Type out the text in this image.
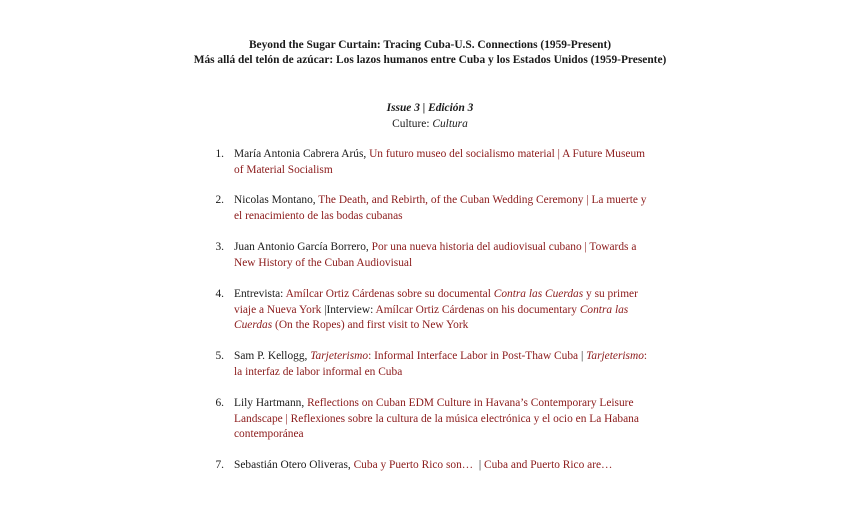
Beyond the Sugar Curtain: Tracing Cuba-U.S. Connections (1959-Present)
Más allá del telón de azúcar: Los lazos humanos entre Cuba y los Estados Unidos (1959-Presente)
Issue 3 | Edición 3
Culture: Cultura
1. María Antonia Cabrera Arús, Un futuro museo del socialismo material | A Future Museum of Material Socialism
2. Nicolas Montano, The Death, and Rebirth, of the Cuban Wedding Ceremony | La muerte y el renacimiento de las bodas cubanas
3. Juan Antonio García Borrero, Por una nueva historia del audiovisual cubano | Towards a New History of the Cuban Audiovisual
4. Entrevista: Amílcar Ortiz Cárdenas sobre su documental Contra las Cuerdas y su primer viaje a Nueva York |Interview: Amílcar Ortiz Cárdenas on his documentary Contra las Cuerdas (On the Ropes) and first visit to New York
5. Sam P. Kellogg, Tarjeterismo: Informal Interface Labor in Post-Thaw Cuba | Tarjeterismo: la interfaz de labor informal en Cuba
6. Lily Hartmann, Reflections on Cuban EDM Culture in Havana’s Contemporary Leisure Landscape | Reflexiones sobre la cultura de la música electrónica y el ocio en La Habana contemporánea
7. Sebastián Otero Oliveras, Cuba y Puerto Rico son…  | Cuba and Puerto Rico are…
